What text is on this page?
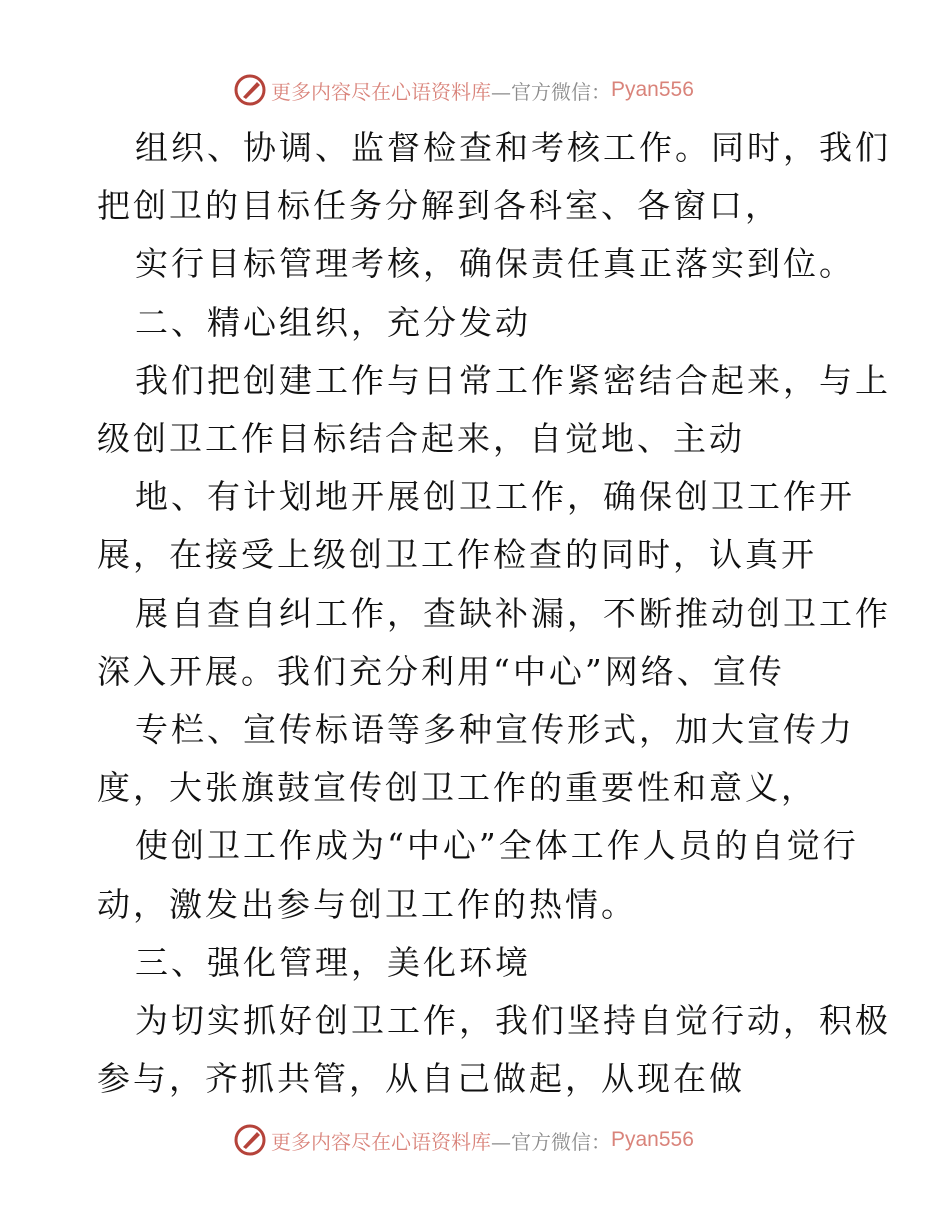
更多内容尽在心语资料库 —官方微信： Pyan556
组织、协调、监督检查和考核工作。同时，我们
把创卫的目标任务分解到各科室、各窗口，
实行目标管理考核，确保责任真正落实到位。
二、精心组织，充分发动
我们把创建工作与日常工作紧密结合起来，与上
级创卫工作目标结合起来，自觉地、主动
地、有计划地开展创卫工作，确保创卫工作开
展，在接受上级创卫工作检查的同时，认真开
展自查自纠工作，查缺补漏，不断推动创卫工作
深入开展。我们充分利用“中心”网络、宣传
专栏、宣传标语等多种宣传形式，加大宣传力
度，大张旗鼓宣传创卫工作的重要性和意义，
使创卫工作成为“中心”全体工作人员的自觉行
动，激发出参与创卫工作的热情。
三、强化管理，美化环境
为切实抓好创卫工作，我们坚持自觉行动，积极
参与，齐抓共管，从自己做起，从现在做
更多内容尽在心语资料库 —官方微信： Pyan556
